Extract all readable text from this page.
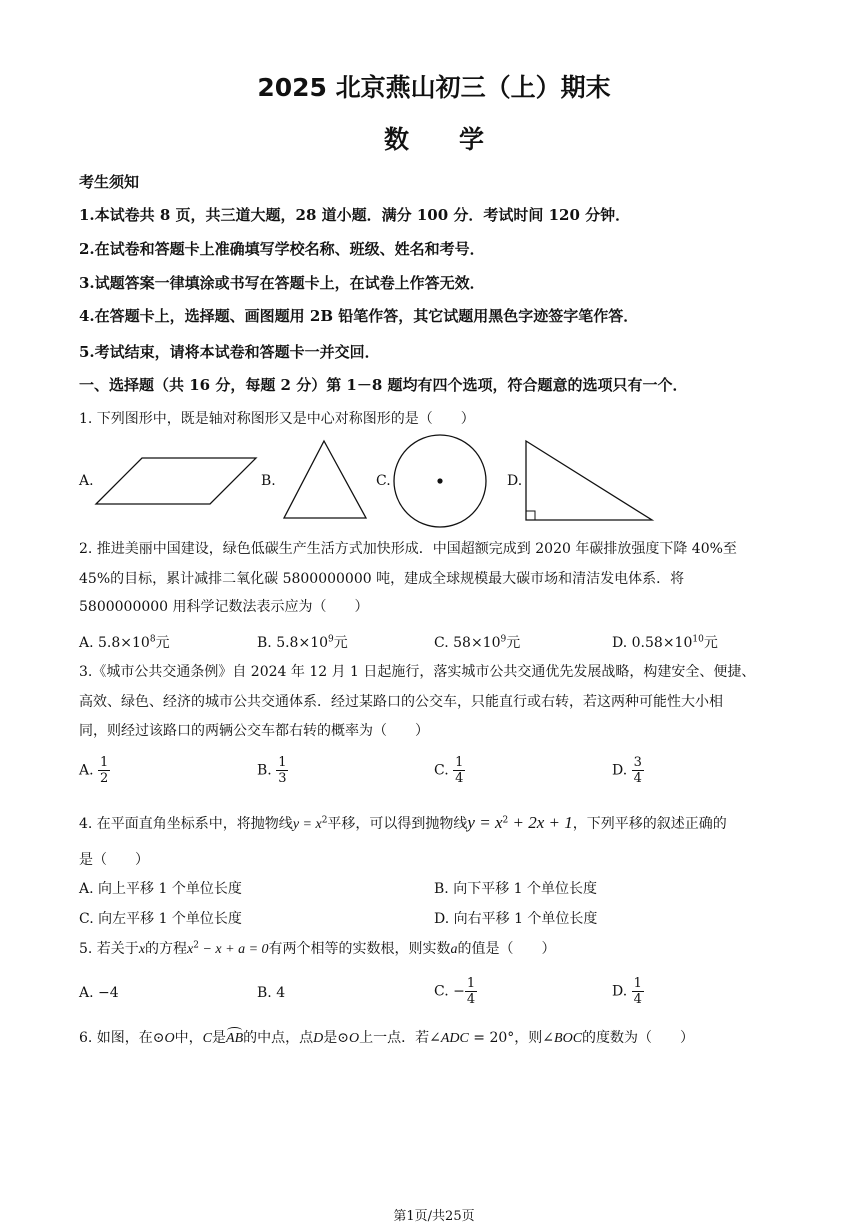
2025 北京燕山初三（上）期末
数学
考生须知
1.本试卷共 8 页，共三道大题，28 道小题．满分 100 分．考试时间 120 分钟．
2.在试卷和答题卡上准确填写学校名称、班级、姓名和考号．
3.试题答案一律填涂或书写在答题卡上，在试卷上作答无效．
4.在答题卡上，选择题、画图题用 2B 铅笔作答，其它试题用黑色字迹签字笔作答．
5.考试结束，请将本试卷和答题卡一并交回．
一、选择题（共 16 分，每题 2 分）第 1－8 题均有四个选项，符合题意的选项只有一个．
1. 下列图形中，既是轴对称图形又是中心对称图形的是（　　）
A.	B.	C.	D.
2. 推进美丽中国建设，绿色低碳生产生活方式加快形成．中国超额完成到 2020 年碳排放强度下降 40%至
45%的目标，累计减排二氧化碳 5800000000 吨，建成全球规模最大碳市场和清洁发电体系．将
5800000000 用科学记数法表示应为（　　）
A. $5.8\times 10^8$元	B. $5.8\times 10^9$元	C. $58\times 10^9$元	D. $0.58\times 10^{10}$元
3.《城市公共交通条例》自 2024 年 12 月 1 日起施行，落实城市公共交通优先发展战略，构建安全、便捷、
高效、绿色、经济的城市公共交通体系．经过某路口的公交车，只能直行或右转，若这两种可能性大小相
同，则经过该路口的两辆公交车都右转的概率为（　　）
A. $\frac{1}{2}$	B. $\frac{1}{3}$	C. $\frac{1}{4}$	D. $\frac{3}{4}$
4. 在平面直角坐标系中，将抛物线$y = x^2$平移，可以得到抛物线$y = x^2 + 2x + 1$，下列平移的叙述正确的
是（　　）
A. 向上平移 1 个单位长度	B. 向下平移 1 个单位长度
C. 向左平移 1 个单位长度	D. 向右平移 1 个单位长度
5. 若关于x的方程$x^2 - x + a = 0$有两个相等的实数根，则实数a的值是（　　）
A. −4	B. 4	C. − $\frac{1}{4}$	D. $\frac{1}{4}$
6. 如图，在⊙O中，C是AB的中点，点D是⊙O上一点．若∠ADC = 20°，则∠BOC的度数为（　　）
第1页/共25页
